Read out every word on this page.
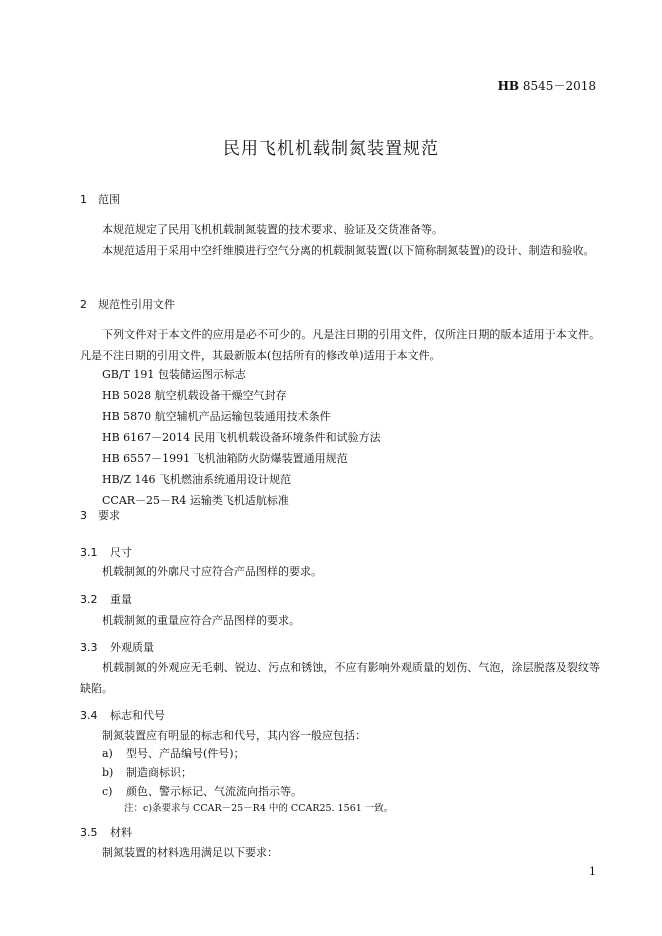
HB 8545－2018
民用飞机机载制氮装置规范
1 范围
本规范规定了民用飞机机载制氮装置的技术要求、验证及交货准备等。
本规范适用于采用中空纤维膜进行空气分离的机载制氮装置(以下简称制氮装置)的设计、制造和验收。
2 规范性引用文件
下列文件对于本文件的应用是必不可少的。凡是注日期的引用文件，仅所注日期的版本适用于本文件。凡是不注日期的引用文件，其最新版本(包括所有的修改单)适用于本文件。
GB/T 191 包装储运图示标志
HB 5028 航空机载设备干燥空气封存
HB 5870 航空辅机产品运输包装通用技术条件
HB 6167－2014 民用飞机机载设备环境条件和试验方法
HB 6557－1991 飞机油箱防火防爆装置通用规范
HB/Z 146 飞机燃油系统通用设计规范
CCAR－25－R4 运输类飞机适航标准
3 要求
3.1 尺寸
机载制氮的外廓尺寸应符合产品图样的要求。
3.2 重量
机载制氮的重量应符合产品图样的要求。
3.3 外观质量
机载制氮的外观应无毛刺、锐边、污点和锈蚀，不应有影响外观质量的划伤、气泡，涂层脱落及裂纹等缺陷。
3.4 标志和代号
制氮装置应有明显的标志和代号，其内容一般应包括：
a) 型号、产品编号(件号)；
b) 制造商标识；
c) 颜色、警示标记、气流流向指示等。
注：c)条要求与 CCAR－25－R4 中的 CCAR25. 1561 一致。
3.5 材料
制氮装置的材料选用满足以下要求：
1
